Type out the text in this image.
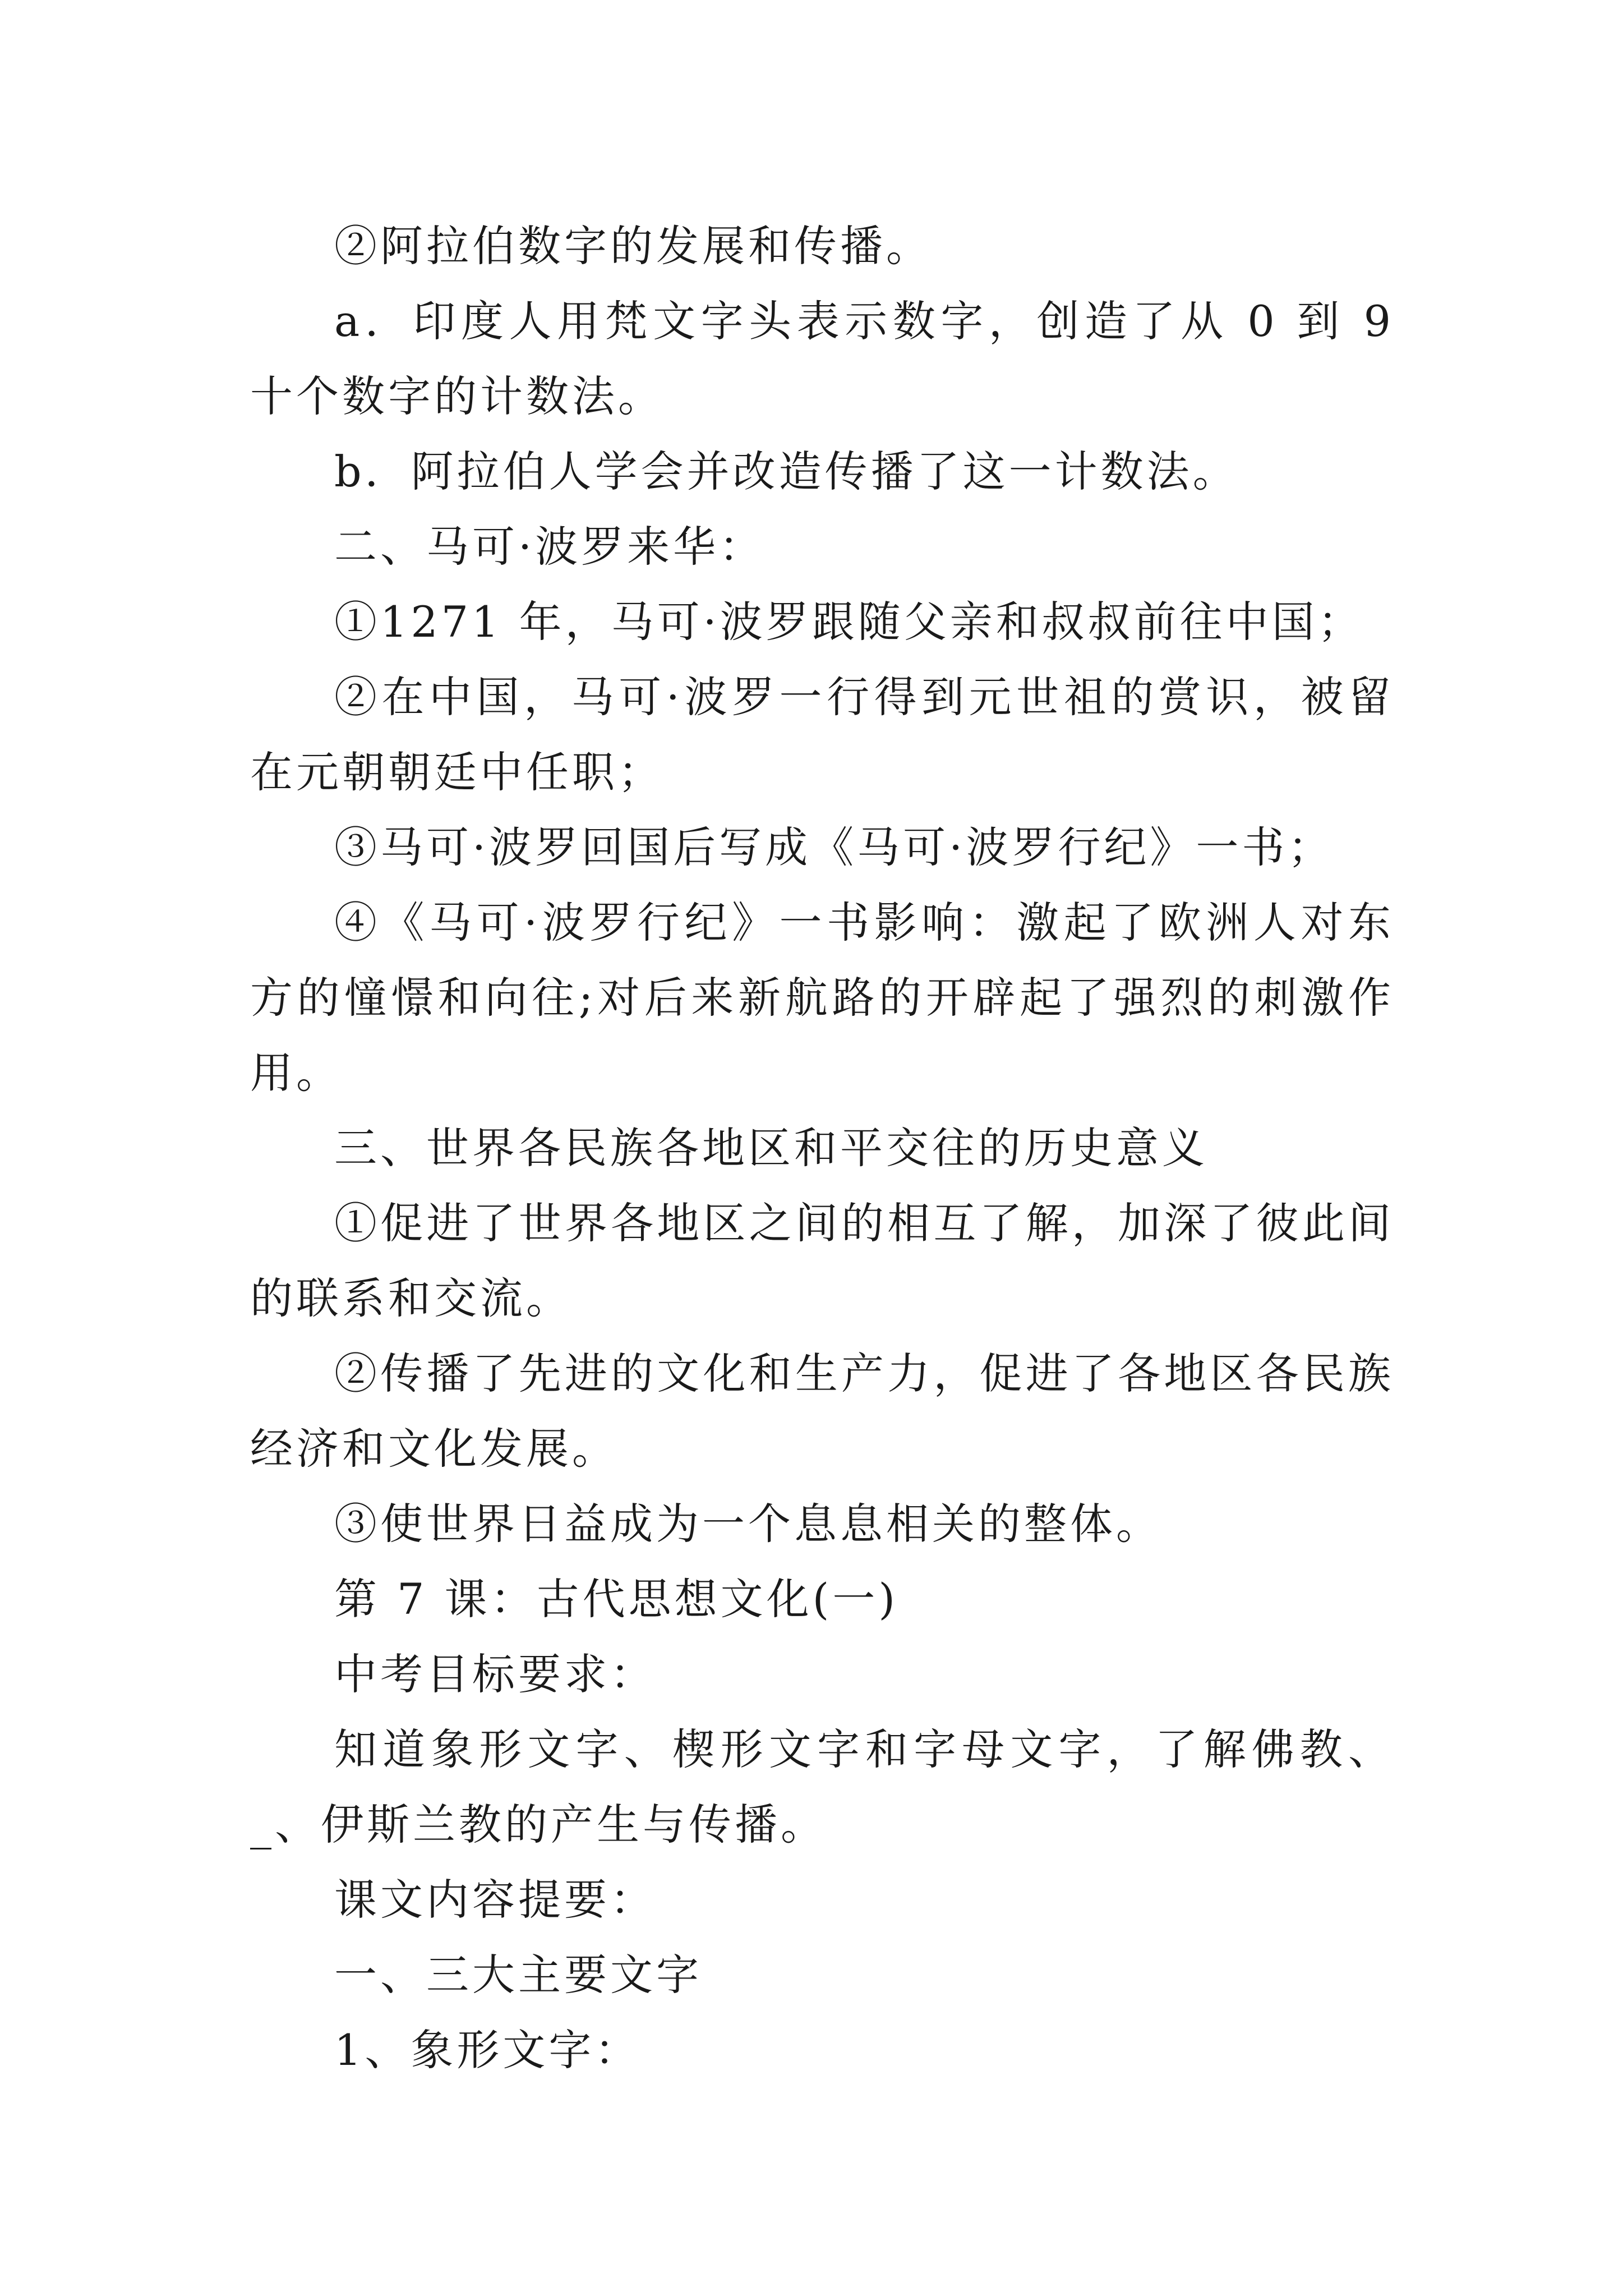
②阿拉伯数字的发展和传播。

a．印度人用梵文字头表示数字，创造了从 0 到 9 十个数字的计数法。

b．阿拉伯人学会并改造传播了这一计数法。

二、马可·波罗来华：

①1271 年，马可·波罗跟随父亲和叔叔前往中国；

②在中国，马可·波罗一行得到元世祖的赏识，被留在元朝朝廷中任职；

③马可·波罗回国后写成《马可·波罗行纪》一书；

④《马可·波罗行纪》一书影响：激起了欧洲人对东方的憧憬和向往;对后来新航路的开辟起了强烈的刺激作用。

三、世界各民族各地区和平交往的历史意义

①促进了世界各地区之间的相互了解，加深了彼此间的联系和交流。

②传播了先进的文化和生产力，促进了各地区各民族经济和文化发展。

③使世界日益成为一个息息相关的整体。

第 7 课：古代思想文化(一)

中考目标要求：

知道象形文字、楔形文字和字母文字，了解佛教、_、伊斯兰教的产生与传播。

课文内容提要：

一、三大主要文字

1、象形文字：
